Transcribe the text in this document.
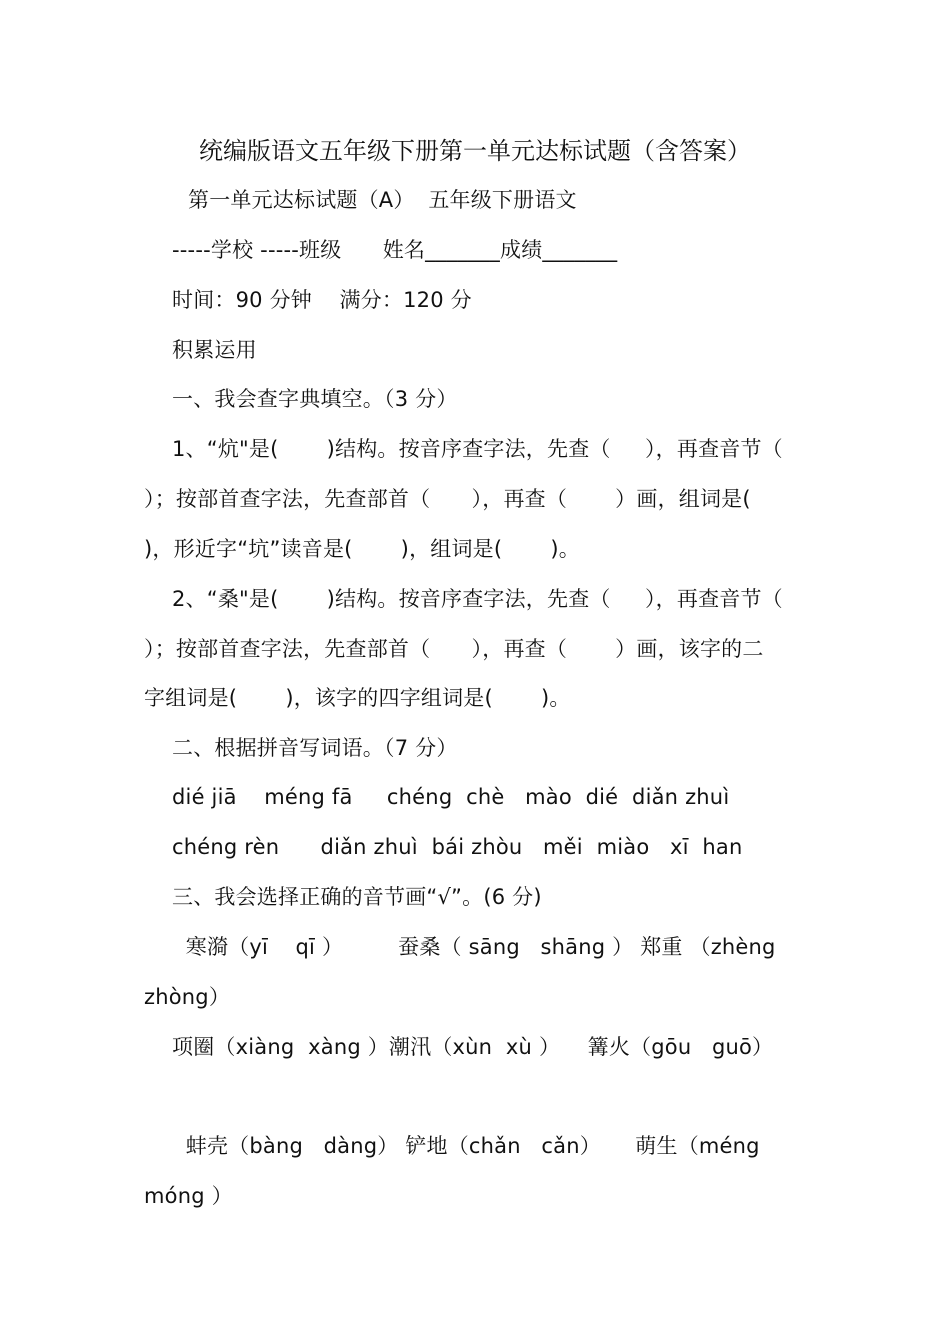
统编版语文五年级下册第一单元达标试题（含答案）
第一单元达标试题（A）  五年级下册语文
-----学校 -----班级      姓名_______成绩_______
时间：90 分钟    满分：120 分
积累运用
一、我会查字典填空。（3 分）
1、“炕"是(       )结构。按音序查字法，先查（     ），再查音节（
）；按部首查字法，先查部首（      ），再查（       ）画，组词是(
)，形近字“坑”读音是(       )，组词是(       )。
2、“桑"是(       )结构。按音序查字法，先查（     ），再查音节（
）；按部首查字法，先查部首（      ），再查（       ）画，该字的二
字组词是(       )，该字的四字组词是(       )。
二、根据拼音写词语。（7 分）
dié jiā    méng fā     chéng  chè   mào  dié  diǎn zhuì
chéng rèn      diǎn zhuì  bái zhòu   měi  miào   xī  han
三、我会选择正确的音节画“√”。(6 分)
寒漪（yī    qī ）        蚕桑（ sāng   shāng ） 郑重 （zhèng
zhòng）
项圈（xiàng  xàng ）潮汛（xùn  xù ）    篝火（gōu   guō）
蚌壳（bàng   dàng） 铲地（chǎn   cǎn）     萌生（méng
móng ）
